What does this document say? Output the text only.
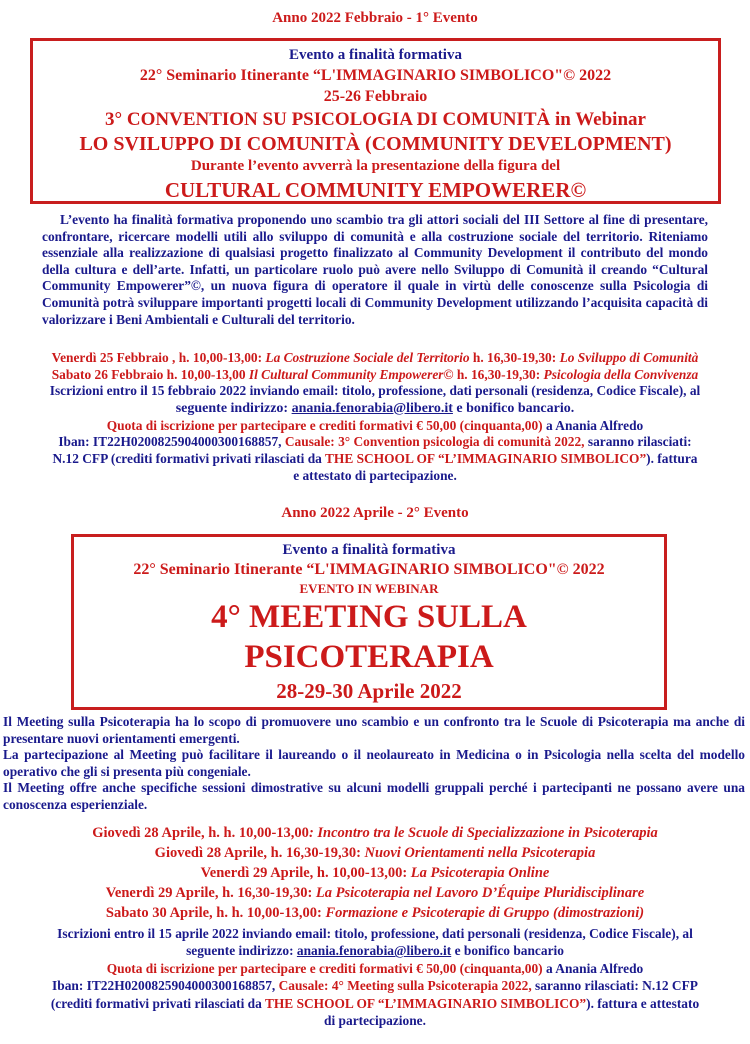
Anno 2022 Febbraio - 1° Evento
Evento a finalità formativa
22° Seminario Itinerante “L'IMMAGINARIO SIMBOLICO"© 2022
25-26 Febbraio
3° CONVENTION SU PSICOLOGIA DI COMUNITÀ in Webinar
LO SVILUPPO DI COMUNITÀ (COMMUNITY DEVELOPMENT)
Durante l’evento avverrà la presentazione della figura del
CULTURAL COMMUNITY EMPOWERER©
L’evento ha finalità formativa proponendo uno scambio tra gli attori sociali del III Settore al fine di presentare, confrontare, ricercare modelli utili allo sviluppo di comunità e alla costruzione sociale del territorio. Riteniamo essenziale alla realizzazione di qualsiasi progetto finalizzato al Community Development il contributo del mondo della cultura e dell’arte. Infatti, un particolare ruolo può avere nello Sviluppo di Comunità il creando “Cultural Community Empowerer”©, un nuova figura di operatore il quale in virtù delle conoscenze sulla Psicologia di Comunità potrà sviluppare importanti progetti locali di Community Development utilizzando l’acquisita capacità di valorizzare i Beni Ambientali e Culturali del territorio.
Venerdì 25 Febbraio , h. 10,00-13,00: La Costruzione Sociale del Territorio h. 16,30-19,30: Lo Sviluppo di Comunità
Sabato 26 Febbraio h. 10,00-13,00 Il Cultural Community Empowerer© h. 16,30-19,30: Psicologia della Convivenza
Iscrizioni entro il 15 febbraio 2022 inviando email: titolo, professione, dati personali (residenza, Codice Fiscale), al
seguente indirizzo: anania.fenorabia@libero.it e bonifico bancario.
Quota di iscrizione per partecipare e crediti formativi € 50,00 (cinquanta,00) a Anania Alfredo
Iban: IT22H0200825904000300168857, Causale: 3° Convention psicologia di comunità 2022, saranno rilasciati:
N.12 CFP (crediti formativi privati rilasciati da THE SCHOOL OF “L’IMMAGINARIO SIMBOLICO”). fattura
e attestato di partecipazione.
Anno 2022 Aprile - 2° Evento
Evento a finalità formativa
22° Seminario Itinerante “L'IMMAGINARIO SIMBOLICO"© 2022
EVENTO IN WEBINAR
4° MEETING SULLA
PSICOTERAPIA
28-29-30 Aprile 2022

Il Meeting sulla Psicoterapia ha lo scopo di promuovere uno scambio e un confronto tra le Scuole di Psicoterapia ma anche di presentare nuovi orientamenti emergenti.

La partecipazione al Meeting può facilitare il laureando o il neolaureato in Medicina o in Psicologia nella scelta del modello operativo che gli si presenta più congeniale.

Il Meeting offre anche specifiche sessioni dimostrative su alcuni modelli gruppali perché i partecipanti ne possano avere una conoscenza esperienziale.

Giovedì 28 Aprile, h. h. 10,00-13,00: Incontro tra le Scuole di Specializzazione in Psicoterapia
Giovedì 28 Aprile, h. 16,30-19,30: Nuovi Orientamenti nella Psicoterapia
Venerdì 29 Aprile, h. 10,00-13,00: La Psicoterapia Online
Venerdì 29 Aprile, h. 16,30-19,30: La Psicoterapia nel Lavoro D’Équipe Pluridisciplinare
Sabato 30 Aprile, h. h. 10,00-13,00: Formazione e Psicoterapie di Gruppo (dimostrazioni)
Iscrizioni entro il 15 aprile 2022 inviando email: titolo, professione, dati personali (residenza, Codice Fiscale), al
seguente indirizzo: anania.fenorabia@libero.it e bonifico bancario
Quota di iscrizione per partecipare e crediti formativi € 50,00 (cinquanta,00) a Anania Alfredo
Iban: IT22H0200825904000300168857, Causale: 4° Meeting sulla Psicoterapia 2022, saranno rilasciati: N.12 CFP
(crediti formativi privati rilasciati da THE SCHOOL OF “L’IMMAGINARIO SIMBOLICO”). fattura e attestato
di partecipazione.
